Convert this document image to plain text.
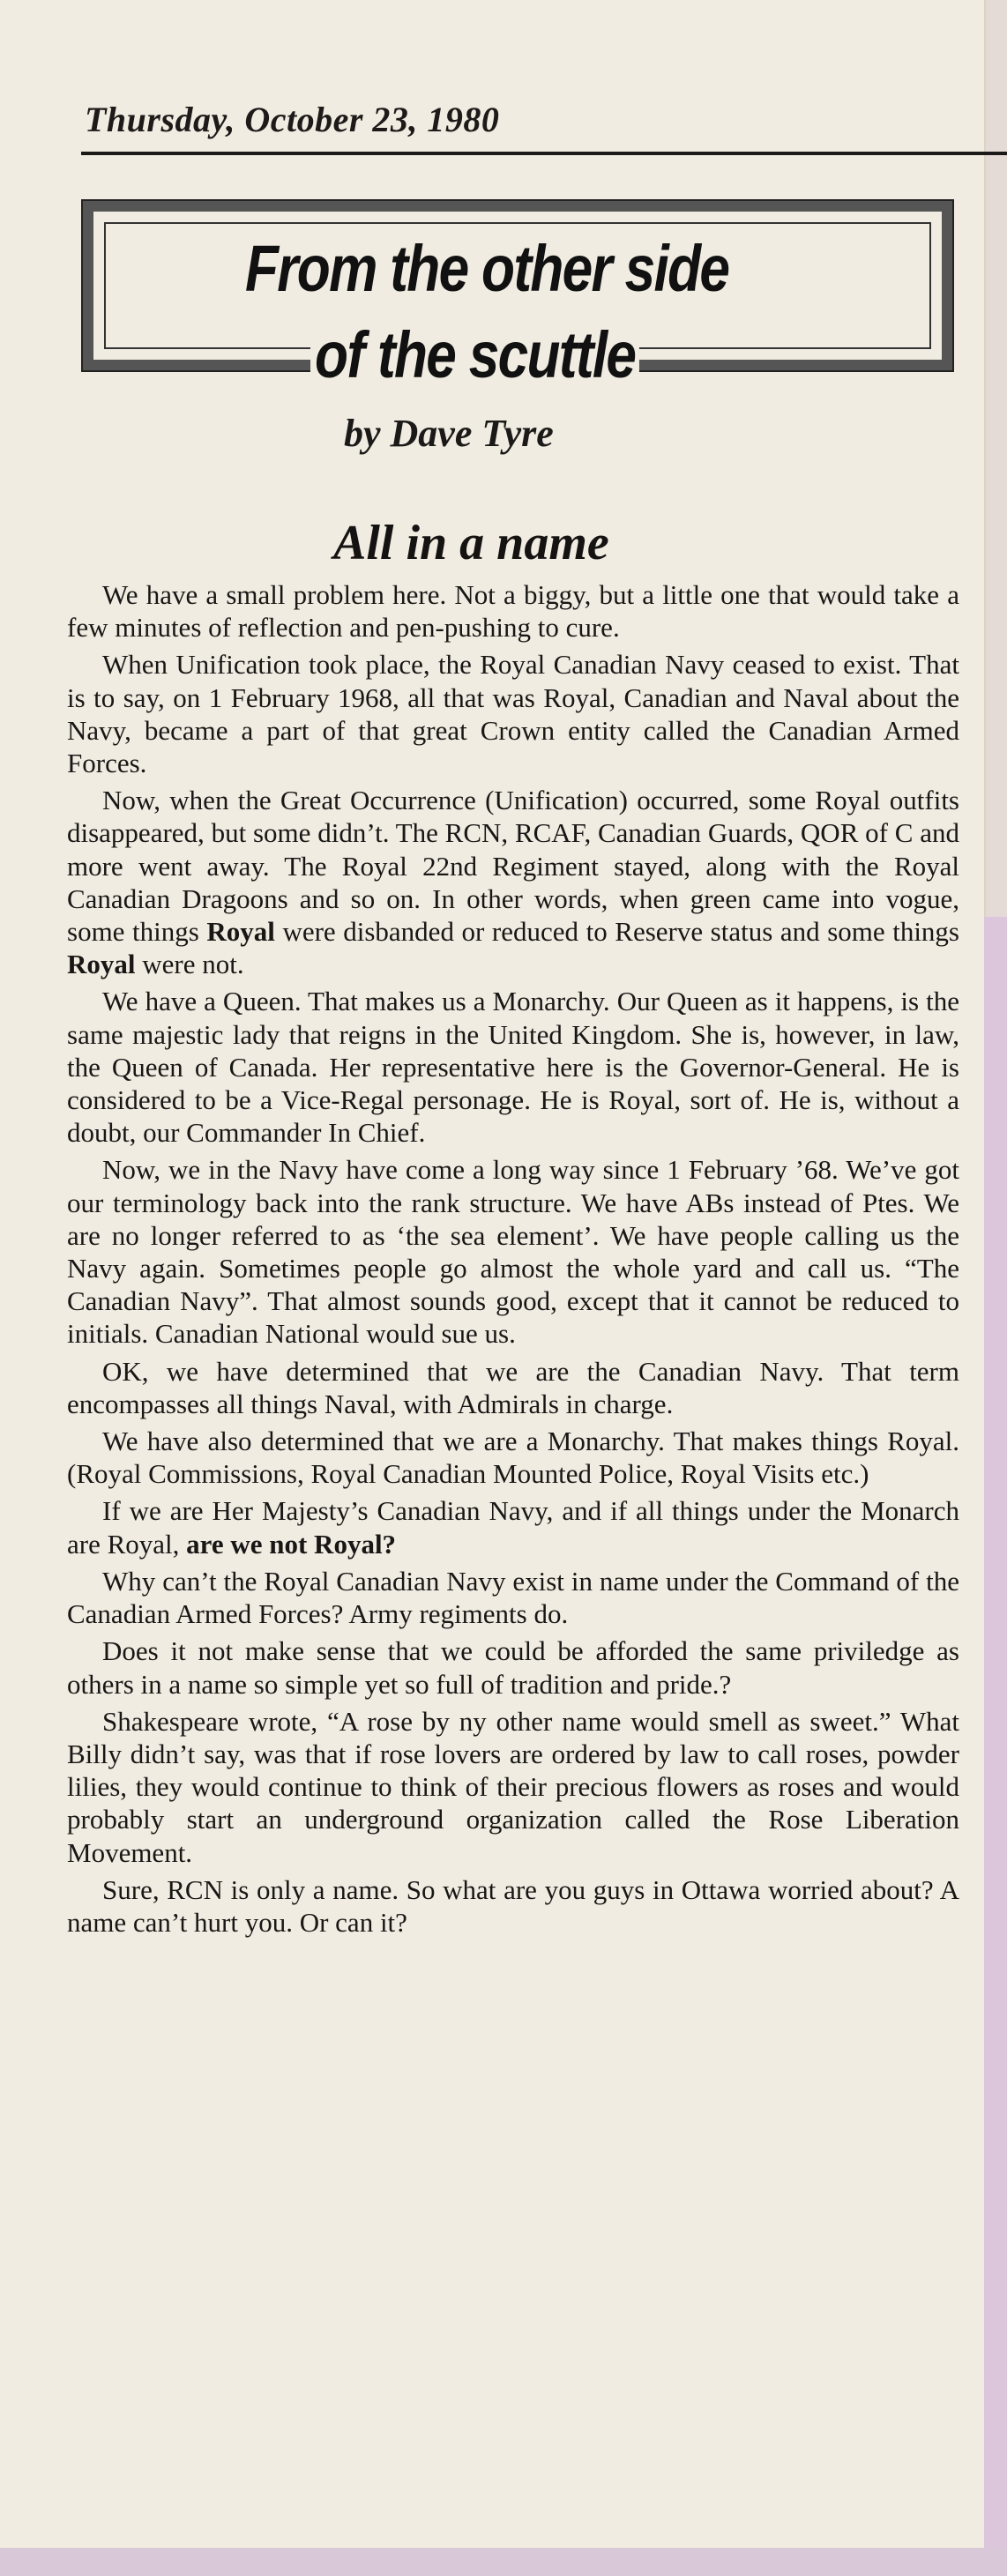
Thursday, October 23, 1980
From the other side
of the scuttle
by Dave Tyre
All in a name

We have a small problem here. Not a biggy, but a little one that would take a few minutes of reflection and pen-pushing to cure.

When Unification took place, the Royal Canadian Navy ceased to exist. That is to say, on 1 February 1968, all that was Royal, Canadian and Naval about the Navy, became a part of that great Crown entity called the Canadian Armed Forces.

Now, when the Great Occurrence (Unification) occurred, some Royal outfits disappeared, but some didn’t. The RCN, RCAF, Canadian Guards, QOR of C and more went away. The Royal 22nd Regiment stayed, along with the Royal Canadian Dragoons and so on. In other words, when green came into vogue, some things Royal were disbanded or reduced to Reserve status and some things Royal were not.

We have a Queen. That makes us a Monarchy. Our Queen as it happens, is the same majestic lady that reigns in the United Kingdom. She is, however, in law, the Queen of Canada. Her representative here is the Governor-General. He is considered to be a Vice-Regal personage. He is Royal, sort of. He is, without a doubt, our Commander In Chief.

Now, we in the Navy have come a long way since 1 February ’68. We’ve got our terminology back into the rank structure. We have ABs instead of Ptes. We are no longer referred to as ‘the sea element’. We have people calling us the Navy again. Sometimes people go almost the whole yard and call us. “The Canadian Navy”. That almost sounds good, except that it cannot be reduced to initials. Canadian National would sue us.

OK, we have determined that we are the Canadian Navy. That term encompasses all things Naval, with Admirals in charge.

We have also determined that we are a Monarchy. That makes things Royal. (Royal Commissions, Royal Canadian Mounted Police, Royal Visits etc.)

If we are Her Majesty’s Canadian Navy, and if all things under the Monarch are Royal, are we not Royal?

Why can’t the Royal Canadian Navy exist in name under the Command of the Canadian Armed Forces? Army regiments do.

Does it not make sense that we could be afforded the same priviledge as others in a name so simple yet so full of tradition and pride.?

Shakespeare wrote, “A rose by ny other name would smell as sweet.” What Billy didn’t say, was that if rose lovers are ordered by law to call roses, powder lilies, they would continue to think of their precious flowers as roses and would probably start an underground organization called the Rose Liberation Movement.

Sure, RCN is only a name. So what are you guys in Ottawa worried about? A name can’t hurt you. Or can it?
